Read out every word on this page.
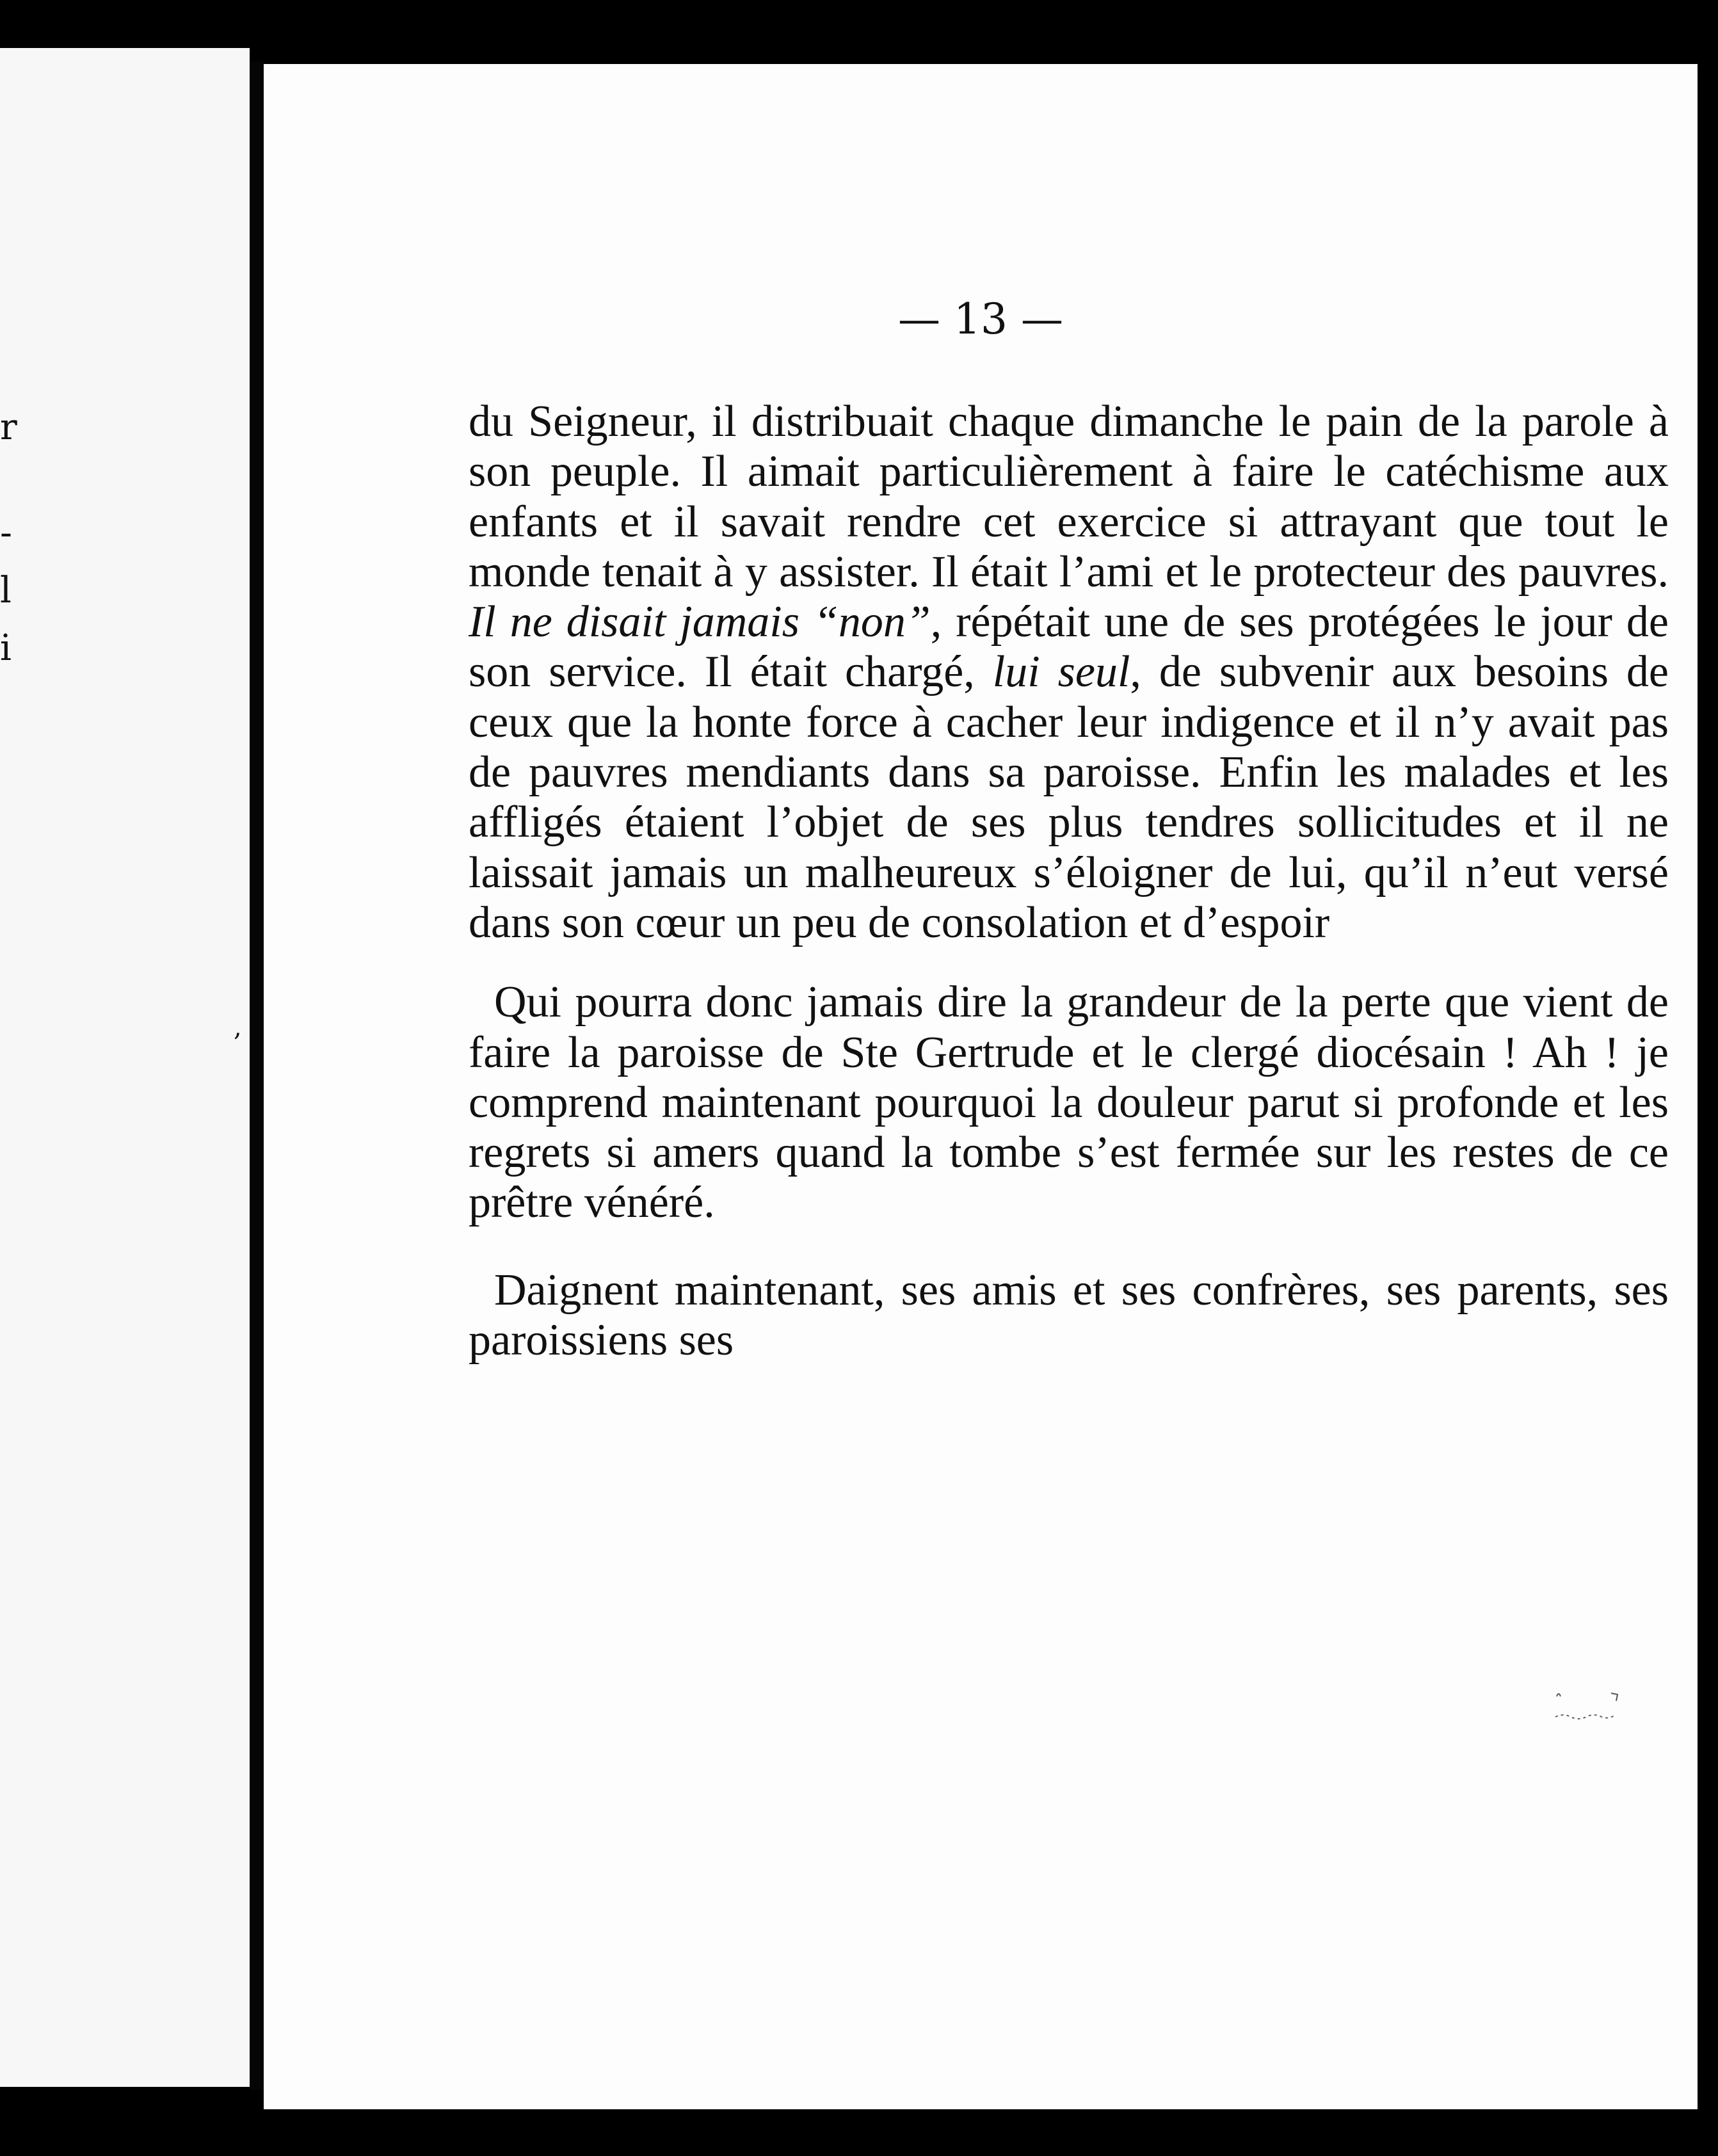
r
-
l
i
,

— 13 —

du Seigneur, il distribuait chaque dimanche le pain de la parole à son peuple. Il aimait particulièrement à faire le catéchisme aux enfants et il savait rendre cet exercice si attrayant que tout le monde tenait à y assister. Il était l’ami et le protecteur des pauvres. Il ne disait jamais “non”, répétait une de ses protégées le jour de son service. Il était chargé, lui seul, de subvenir aux besoins de ceux que la honte force à cacher leur indigence et il n’y avait pas de pauvres mendiants dans sa paroisse. Enfin les malades et les affligés étaient l’objet de ses plus tendres sollicitudes et il ne laissait jamais un malheureux s’éloigner de lui, qu’il n’eut versé dans son cœur un peu de consolation et d’espoir

Qui pourra donc jamais dire la grandeur de la perte que vient de faire la paroisse de Ste Gertrude et le clergé diocésain ! Ah ! je comprend maintenant pourquoi la douleur parut si profonde et les regrets si amers quand la tombe s’est fermée sur les restes de ce prêtre vénéré.

Daignent maintenant, ses amis et ses confrères, ses parents, ses paroissiens ses
